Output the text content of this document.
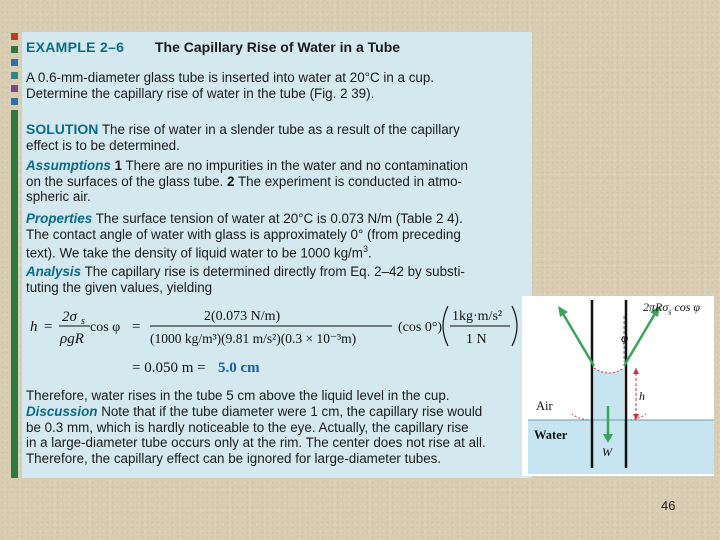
EXAMPLE 2–6 The Capillary Rise of Water in a Tube
A 0.6-mm-diameter glass tube is inserted into water at 20°C in a cup.
Determine the capillary rise of water in the tube (Fig. 2 39).
SOLUTION The rise of water in a slender tube as a result of the capillary
effect is to be determined.
Assumptions 1 There are no impurities in the water and no contamination
on the surfaces of the glass tube. 2 The experiment is conducted in atmo-
spheric air.
Properties The surface tension of water at 20°C is 0.073 N/m (Table 2 4).
The contact angle of water with glass is approximately 0° (from preceding
text). We take the density of liquid water to be 1000 $kg/m^3$.
Analysis The capillary rise is determined directly from Eq. 2–42 by substi-
tuting the given values, yielding
h =
2σ s
ρgR
cos φ =
2(0.073 N/m)
(1000 kg/m³)(9.81 m/s²)(0.3 × 10⁻³m)
(cos 0°)
1kg·m/s²
1 N
= 0.050 m = 5.0 cm
Therefore, water rises in the tube 5 cm above the liquid level in the cup.
Discussion Note that if the tube diameter were 1 cm, the capillary rise would
be 0.3 mm, which is hardly noticeable to the eye. Actually, the capillary rise
in a large-diameter tube occurs only at the rim. The center does not rise at all.
Therefore, the capillary effect can be ignored for large-diameter tubes.
φ
h
W
Air
Water
2πRσ$_s$ cos φ
46
